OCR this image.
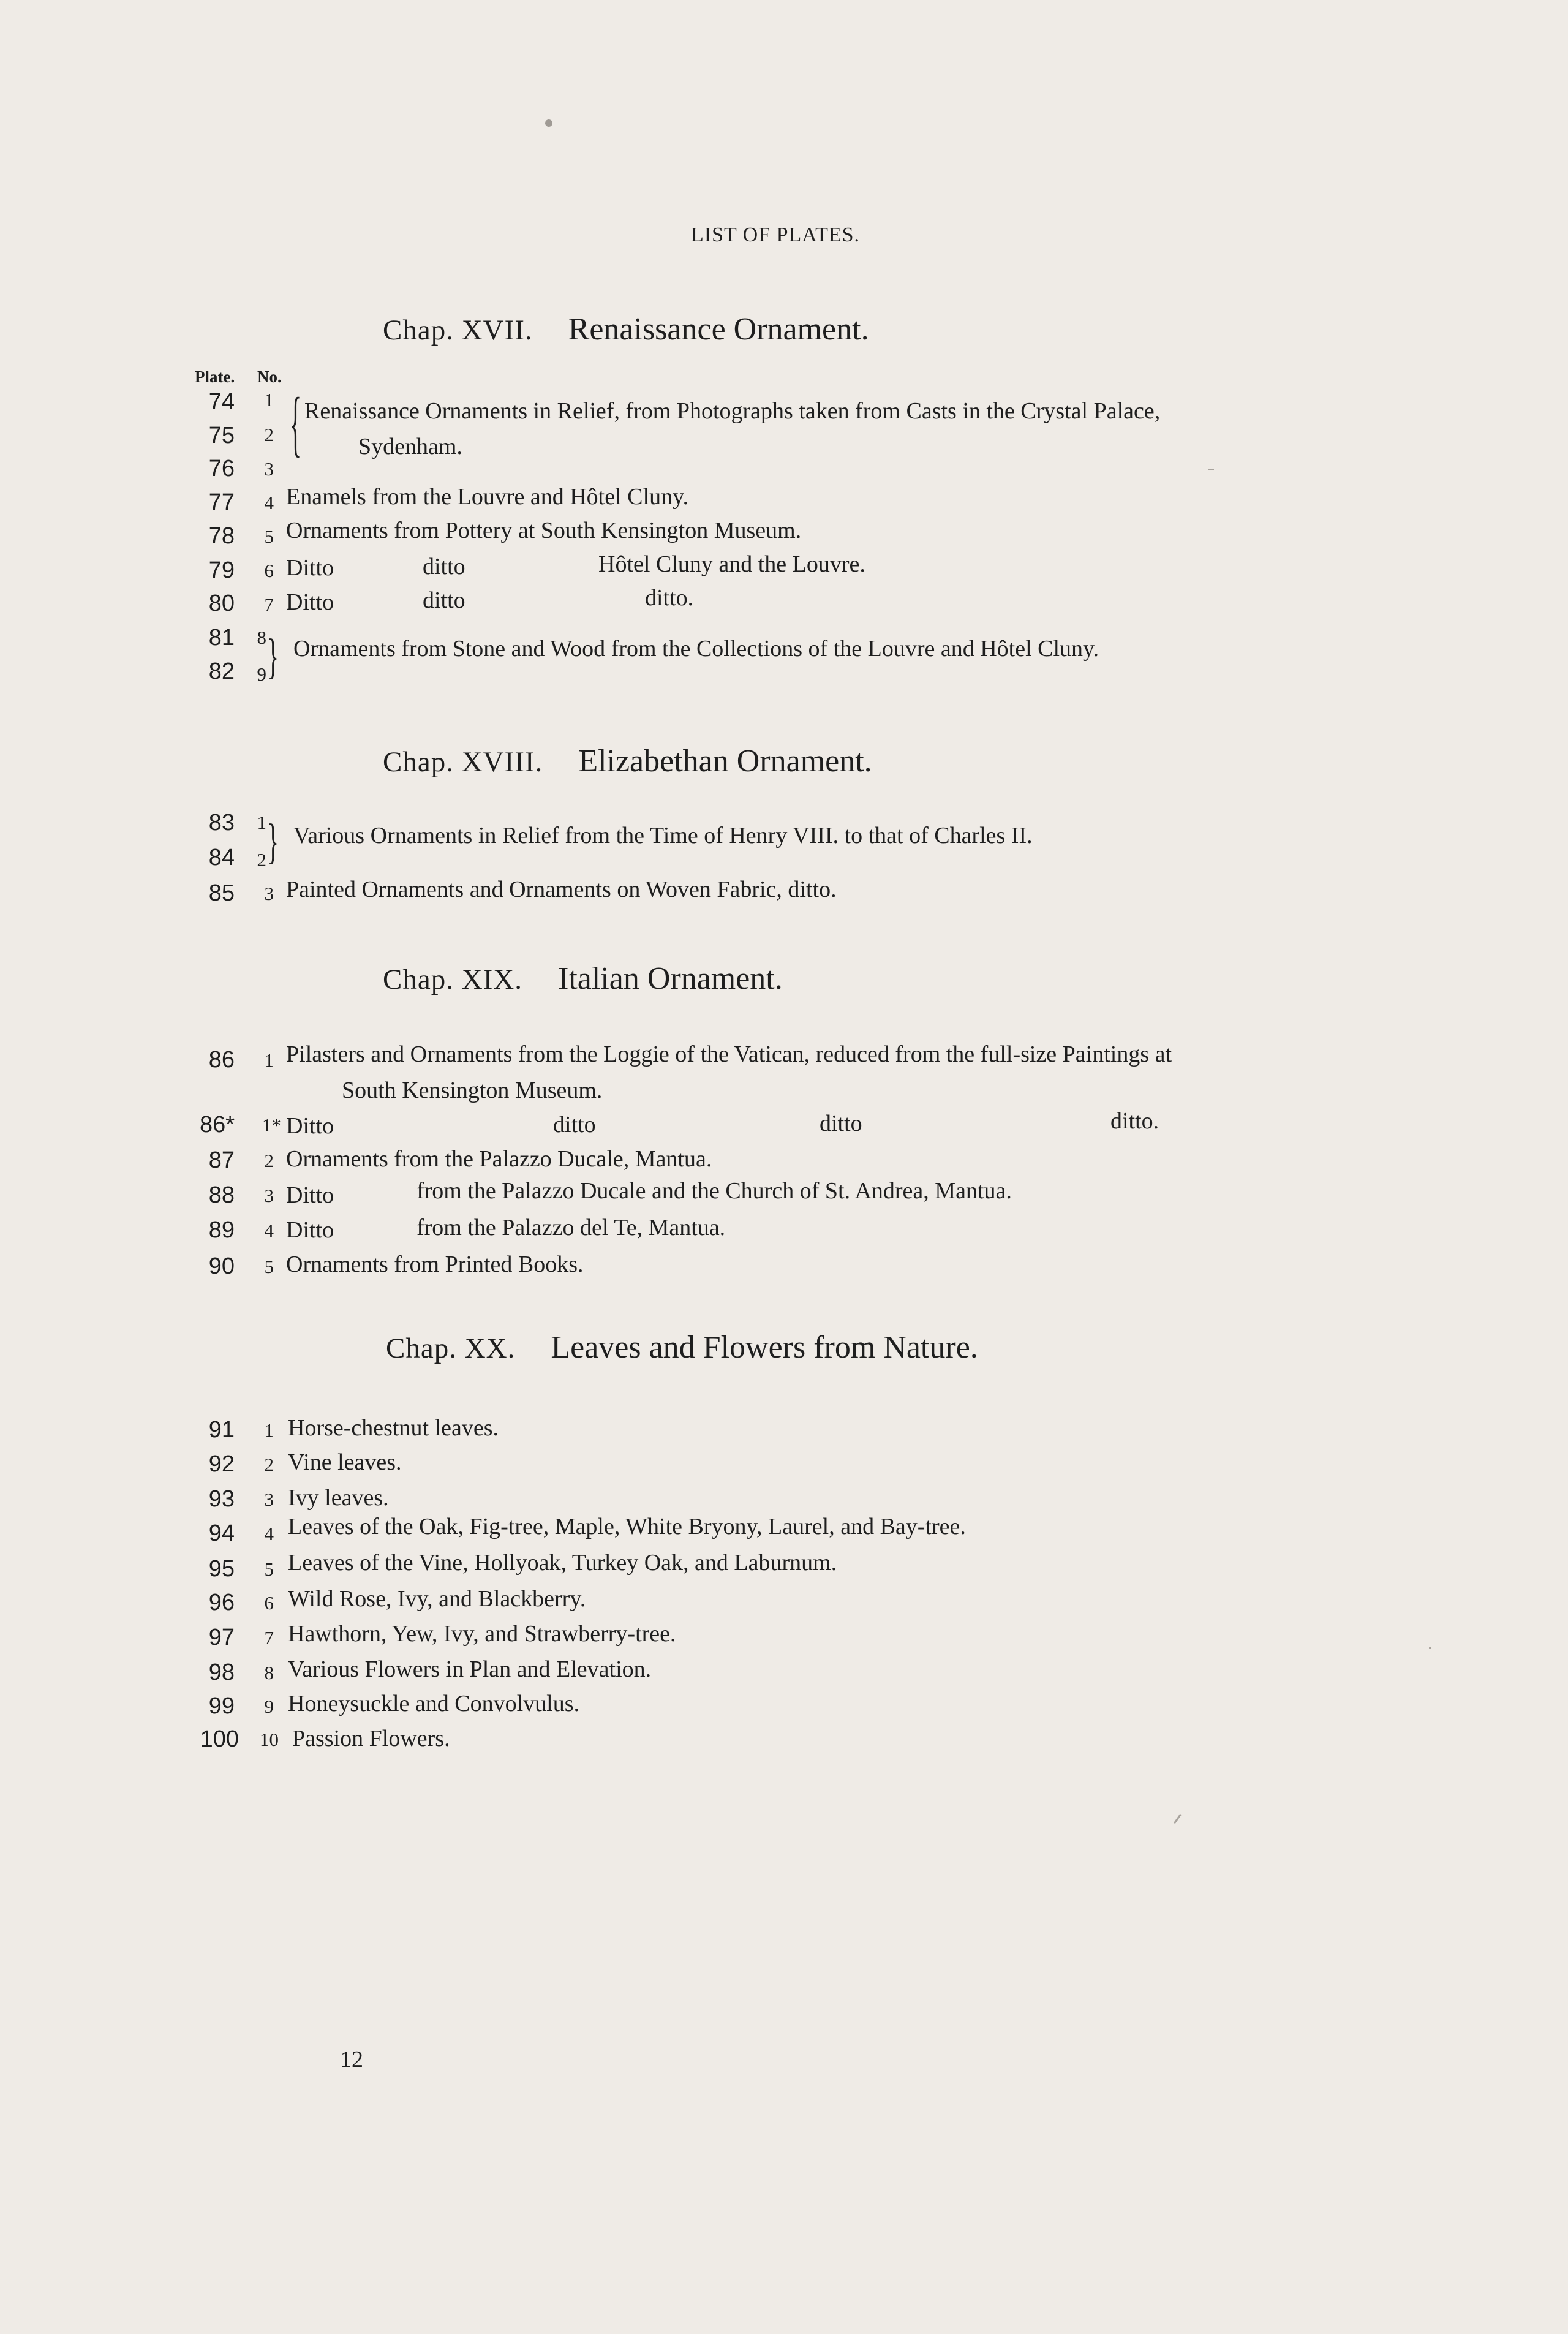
LIST OF PLATES.
Chap. XVII. Renaissance Ornament.
Plate. No.
74	1 { Renaissance Ornaments in Relief, from Photographs taken from Casts in the Crystal Palace,
75	2	Sydenham.
76	3
77	4 Enamels from the Louvre and Hôtel Cluny.
78	5 Ornaments from Pottery at South Kensington Museum.
79	6 Ditto	ditto	Hôtel Cluny and the Louvre.
80	7 Ditto	ditto	ditto.
81	8 } Ornaments from Stone and Wood from the Collections of the Louvre and Hôtel Cluny.
82	9
Chap. XVIII. Elizabethan Ornament.
83	1 } Various Ornaments in Relief from the Time of Henry VIII. to that of Charles II.
84	2
85	3 Painted Ornaments and Ornaments on Woven Fabric, ditto.
Chap. XIX. Italian Ornament.
86	1 Pilasters and Ornaments from the Loggie of the Vatican, reduced from the full-size Paintings at
South Kensington Museum.
86* 1* Ditto	ditto	ditto	ditto.
87	2 Ornaments from the Palazzo Ducale, Mantua.
88	3 Ditto	from the Palazzo Ducale and the Church of St. Andrea, Mantua.
89	4 Ditto	from the Palazzo del Te, Mantua.
90	5 Ornaments from Printed Books.
Chap. XX. Leaves and Flowers from Nature.
91	1 Horse-chestnut leaves.
92	2 Vine leaves.
93	3 Ivy leaves.
94	4 Leaves of the Oak, Fig-tree, Maple, White Bryony, Laurel, and Bay-tree.
95	5 Leaves of the Vine, Hollyoak, Turkey Oak, and Laburnum.
96	6 Wild Rose, Ivy, and Blackberry.
97	7 Hawthorn, Yew, Ivy, and Strawberry-tree.
98	8 Various Flowers in Plan and Elevation.
99	9 Honeysuckle and Convolvulus.
100 10 Passion Flowers.
12
